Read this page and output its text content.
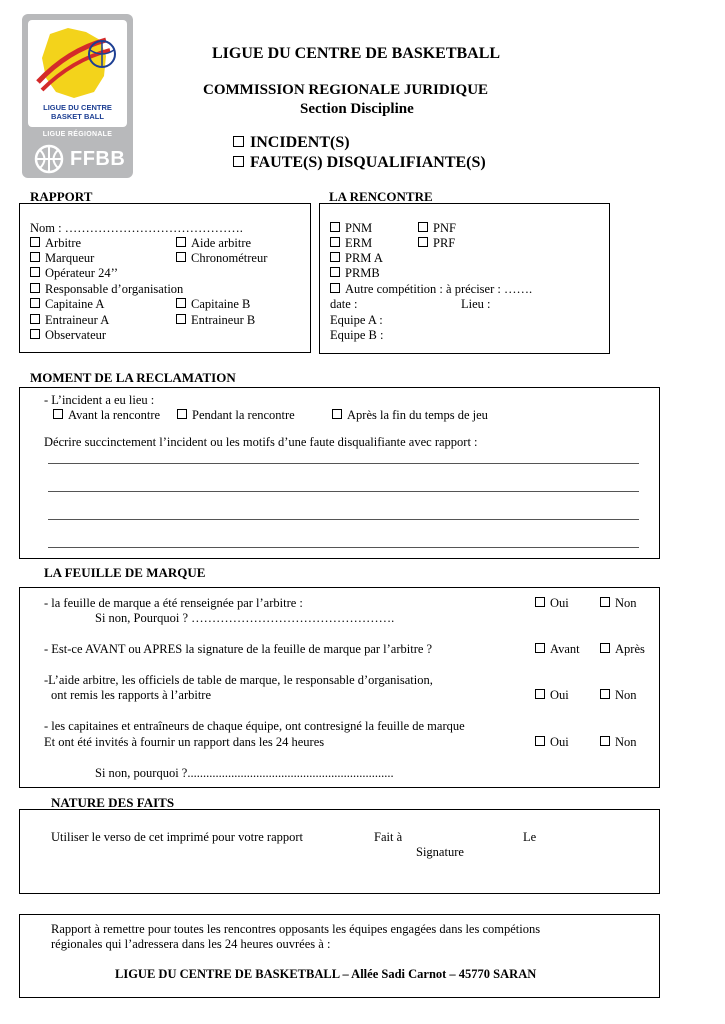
LIGUE DU CENTRE
BASKET BALL
LIGUE RÉGIONALE
FFBB
LIGUE DU CENTRE DE BASKETBALL
COMMISSION REGIONALE JURIDIQUE
Section Discipline
INCIDENT(S)
FAUTE(S) DISQUALIFIANTE(S)
RAPPORT
Nom : …………………………………….
Arbitre	Aide arbitre
Marqueur	Chronométreur
Opérateur 24’’
Responsable d’organisation
Capitaine A	Capitaine B
Entraineur A	Entraineur B
Observateur
LA RENCONTRE
PNM	PNF
ERM	PRF
PRM A
PRMB
Autre compétition : à préciser : …….
date :	Lieu :
Equipe A :
Equipe B :
MOMENT DE LA RECLAMATION
- L’incident a eu lieu :
Avant la rencontre	Pendant la rencontre	Après la fin du temps de jeu
Décrire succinctement l’incident ou les motifs d’une faute disqualifiante avec rapport :
LA FEUILLE DE MARQUE
- la feuille de marque a été renseignée par l’arbitre :	Oui	Non
Si non, Pourquoi ? ………………………………………….
- Est-ce AVANT ou APRES la signature de la feuille de marque par l’arbitre ?	Avant	Après
-L’aide arbitre, les officiels de table de marque, le responsable d’organisation,
ont remis les rapports à l’arbitre	Oui	Non
- les capitaines et entraîneurs de chaque équipe, ont contresigné la feuille de marque
Et ont été invités à fournir un rapport dans les 24 heures	Oui	Non
Si non, pourquoi ?..................................................................
NATURE DES FAITS
Utiliser le verso de cet imprimé pour votre rapport	Fait à	Le
Signature
Rapport à remettre pour toutes les rencontres opposants les équipes engagées dans les compétions
régionales qui l’adressera dans les 24 heures ouvrées à :
LIGUE DU CENTRE DE BASKETBALL – Allée Sadi Carnot – 45770 SARAN
